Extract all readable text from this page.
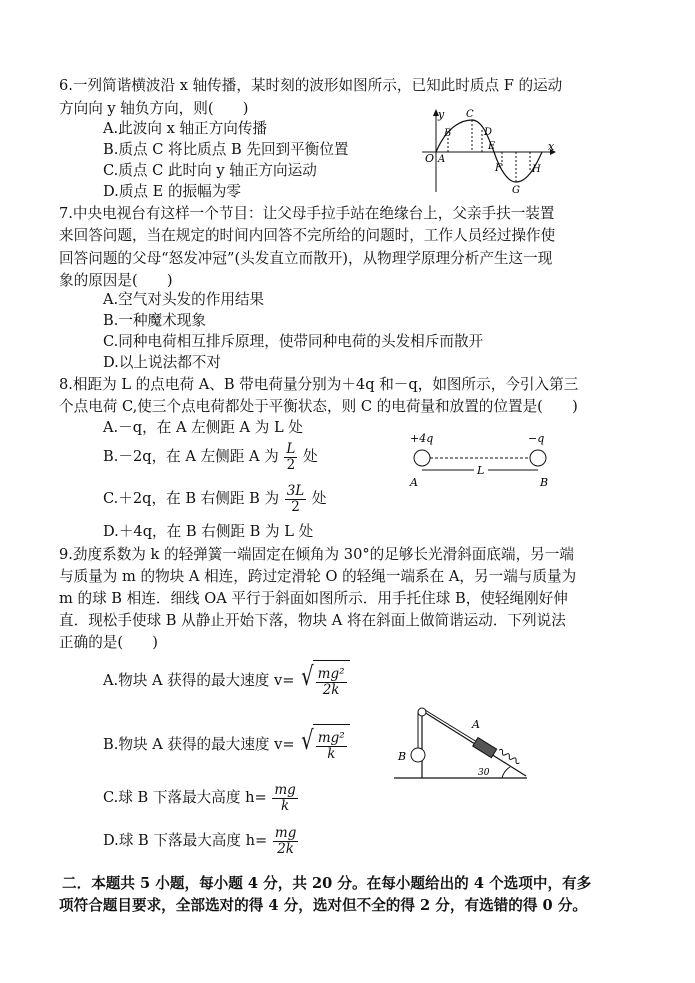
6.一列简谐横波沿 x 轴传播，某时刻的波形如图所示，已知此时质点 F 的运动
方向向 y 轴负方向，则(　　)
A.此波向 x 轴正方向传播
B.质点 C 将比质点 B 先回到平衡位置
C.质点 C 此时向 y 轴正方向运动
D.质点 E 的振幅为零
y
x
O A
B
C
D
E
F
G
H
7.中央电视台有这样一个节目：让父母手拉手站在绝缘台上，父亲手扶一装置
来回答问题，当在规定的时间内回答不完所给的问题时，工作人员经过操作使
回答问题的父母“怒发冲冠”(头发直立而散开)，从物理学原理分析产生这一现
象的原因是(　　)
A.空气对头发的作用结果
B.一种魔术现象
C.同种电荷相互排斥原理，使带同种电荷的头发相斥而散开
D.以上说法都不对
8.相距为 L 的点电荷 A、B 带电荷量分别为＋4q 和－q，如图所示，今引入第三
个点电荷 C,使三个点电荷都处于平衡状态，则 C 的电荷量和放置的位置是(　　)
A.－q，在 A 左侧距 A 为 L 处
B.－2q，在 A 左侧距 A 为 $\frac{L}{2}$ 处
C.＋2q，在 B 右侧距 B 为 $\frac{3L}{2}$ 处
D.＋4q，在 B 右侧距 B 为 L 处
+4q	−q
L
A	B
9.劲度系数为 k 的轻弹簧一端固定在倾角为 30°的足够长光滑斜面底端，另一端
与质量为 m 的物块 A 相连，跨过定滑轮 O 的轻绳一端系在 A，另一端与质量为
m 的球 B 相连．细线 OA 平行于斜面如图所示．用手托住球 B，使轻绳刚好伸
直．现松手使球 B 从静止开始下落，物块 A 将在斜面上做简谐运动．下列说法
正确的是(　　)
A.物块 A 获得的最大速度 v= √ $\frac{\text{mg²}}{2k}$
B.物块 A 获得的最大速度 v= √ $\frac{\text{mg²}}{k}$
C.球 B 下落最大高度 $h= \frac{mg}{k}$
D.球 B 下落最大高度 $h= \frac{mg}{2k}$
A
B
30
二．本题共 5 小题，每小题 4 分，共 20 分。在每小题给出的 4 个选项中，有多
项符合题目要求，全部选对的得 4 分，选对但不全的得 2 分，有选错的得 0 分。
